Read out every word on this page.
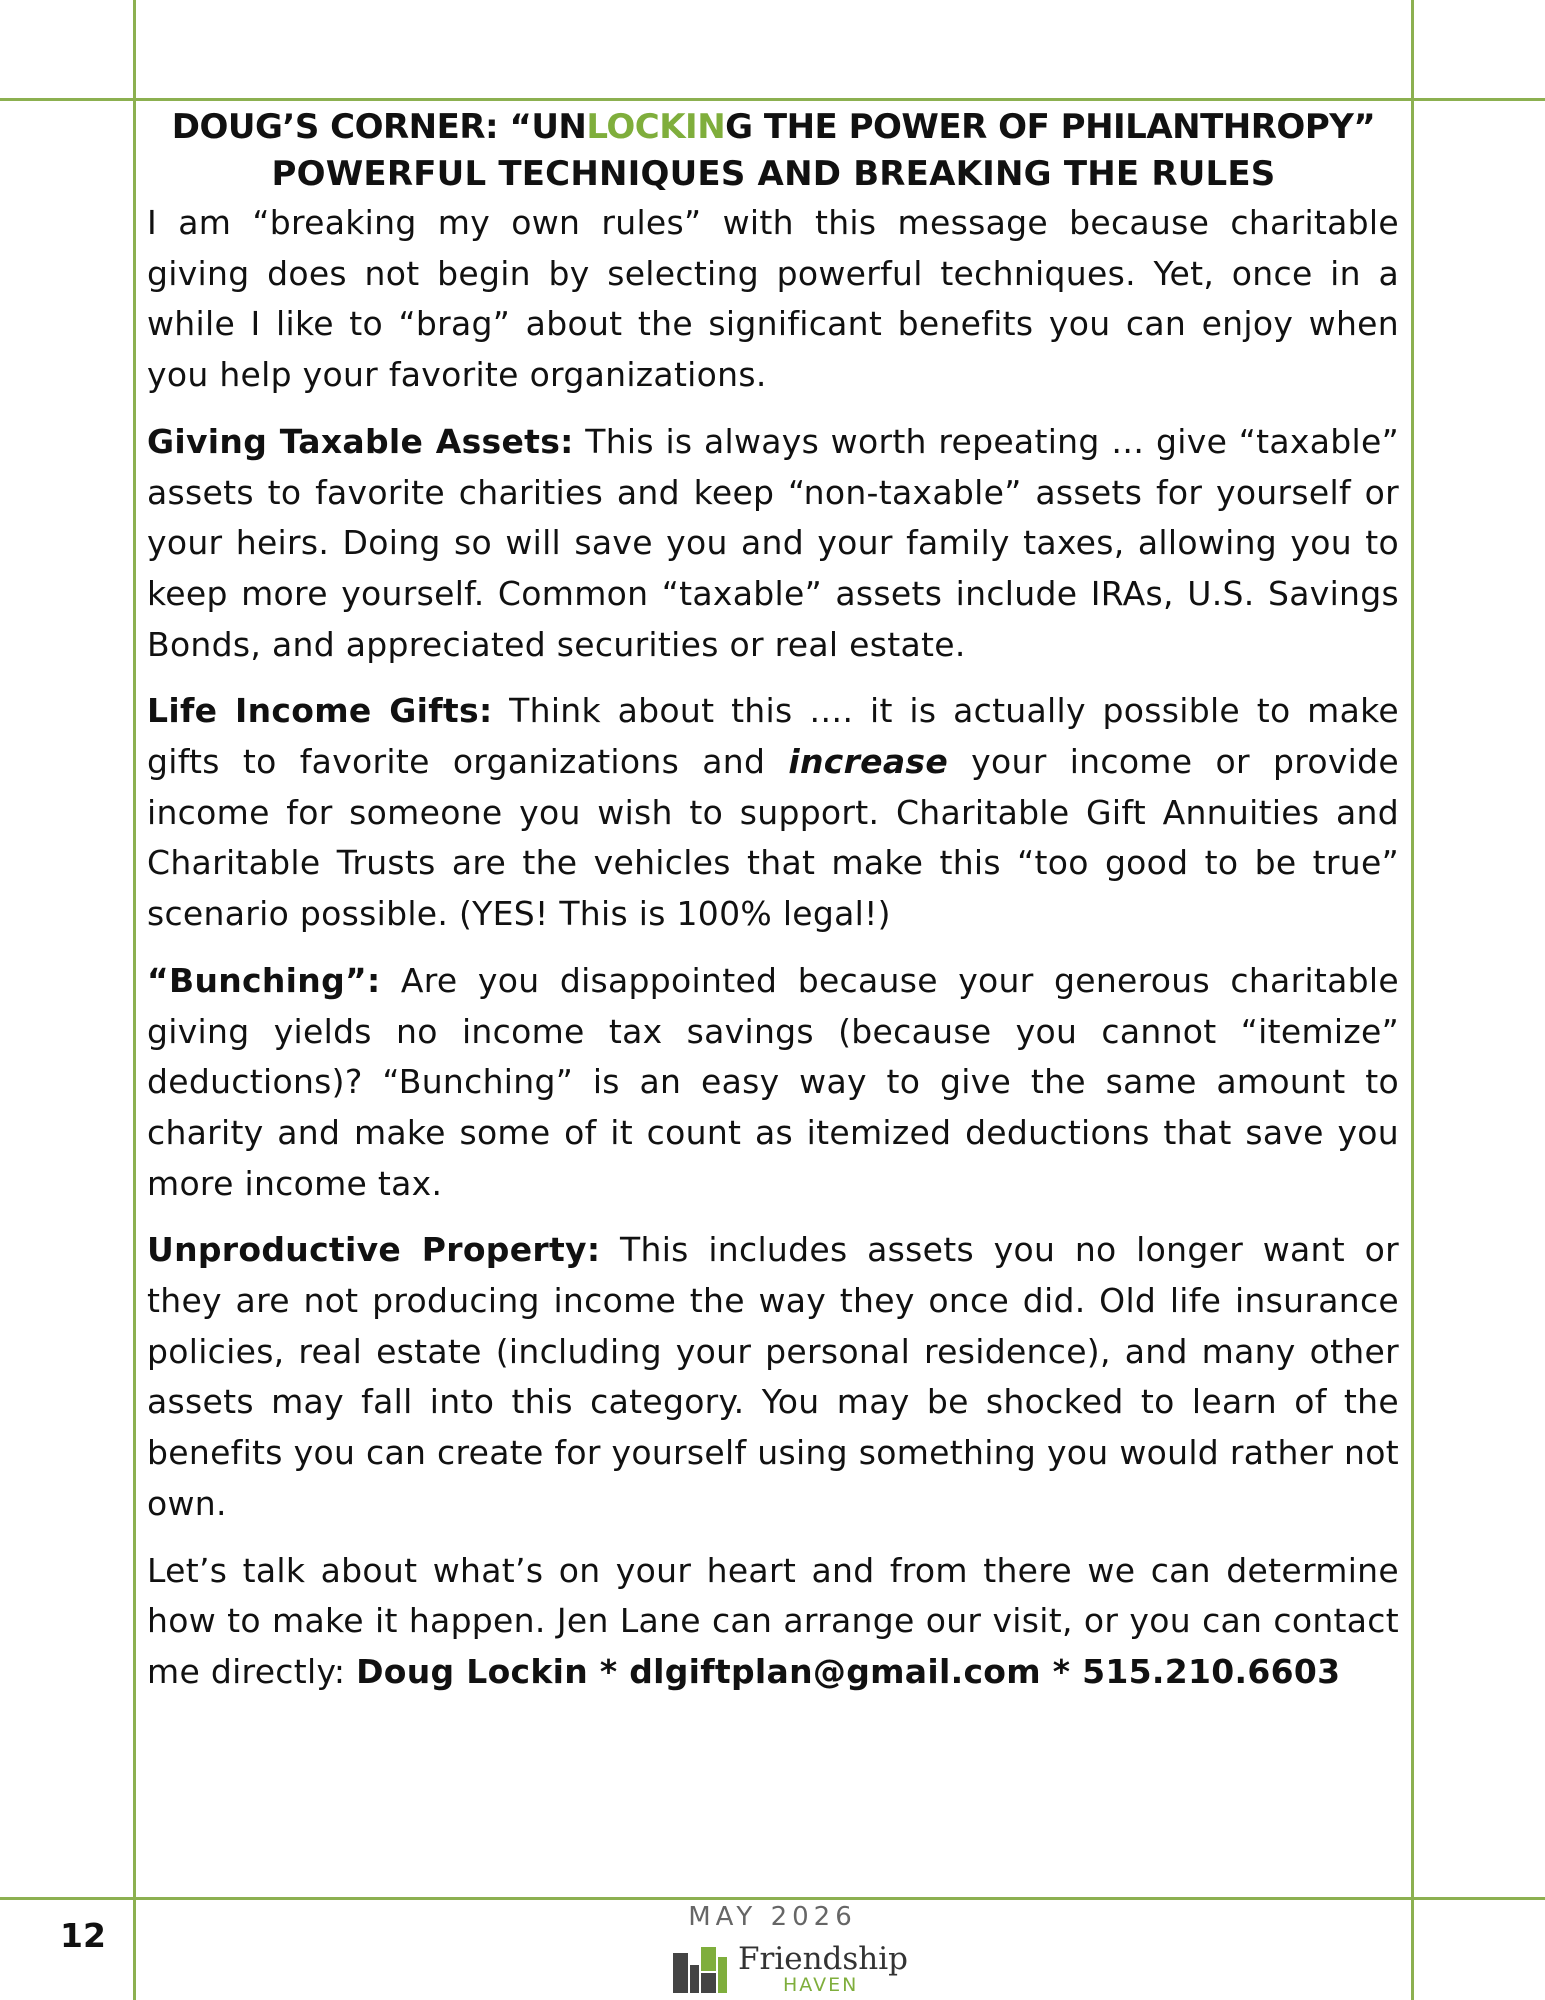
DOUG’S CORNER: “UNLOCKING THE POWER OF PHILANTHROPY”
POWERFUL TECHNIQUES AND BREAKING THE RULES

I am “breaking my own rules” with this message because charitable giving does not begin by selecting powerful techniques. Yet, once in a while I like to “brag” about the significant benefits you can enjoy when you help your favorite organizations.

Giving Taxable Assets: This is always worth repeating … give “taxable” assets to favorite charities and keep “non-taxable” assets for yourself or your heirs. Doing so will save you and your family taxes, allowing you to keep more yourself. Common “taxable” assets include IRAs, U.S. Savings Bonds, and appreciated securities or real estate.

Life Income Gifts: Think about this …. it is actually possible to make gifts to favorite organizations and increase your income or provide income for someone you wish to support. Charitable Gift Annuities and Charitable Trusts are the vehicles that make this “too good to be true” scenario possible. (YES! This is 100% legal!)

“Bunching”: Are you disappointed because your generous charitable giving yields no income tax savings (because you cannot “itemize” deductions)? “Bunching” is an easy way to give the same amount to charity and make some of it count as itemized deductions that save you more income tax.

Unproductive Property: This includes assets you no longer want or they are not producing income the way they once did. Old life insurance policies, real estate (including your personal residence), and many other assets may fall into this category. You may be shocked to learn of the benefits you can create for yourself using something you would rather not own.

Let’s talk about what’s on your heart and from there we can determine how to make it happen. Jen Lane can arrange our visit, or you can contact me directly: Doug Lockin * dlgiftplan@gmail.com * 515.210.6603

12	MAY 2026
Friendship
HAVEN
